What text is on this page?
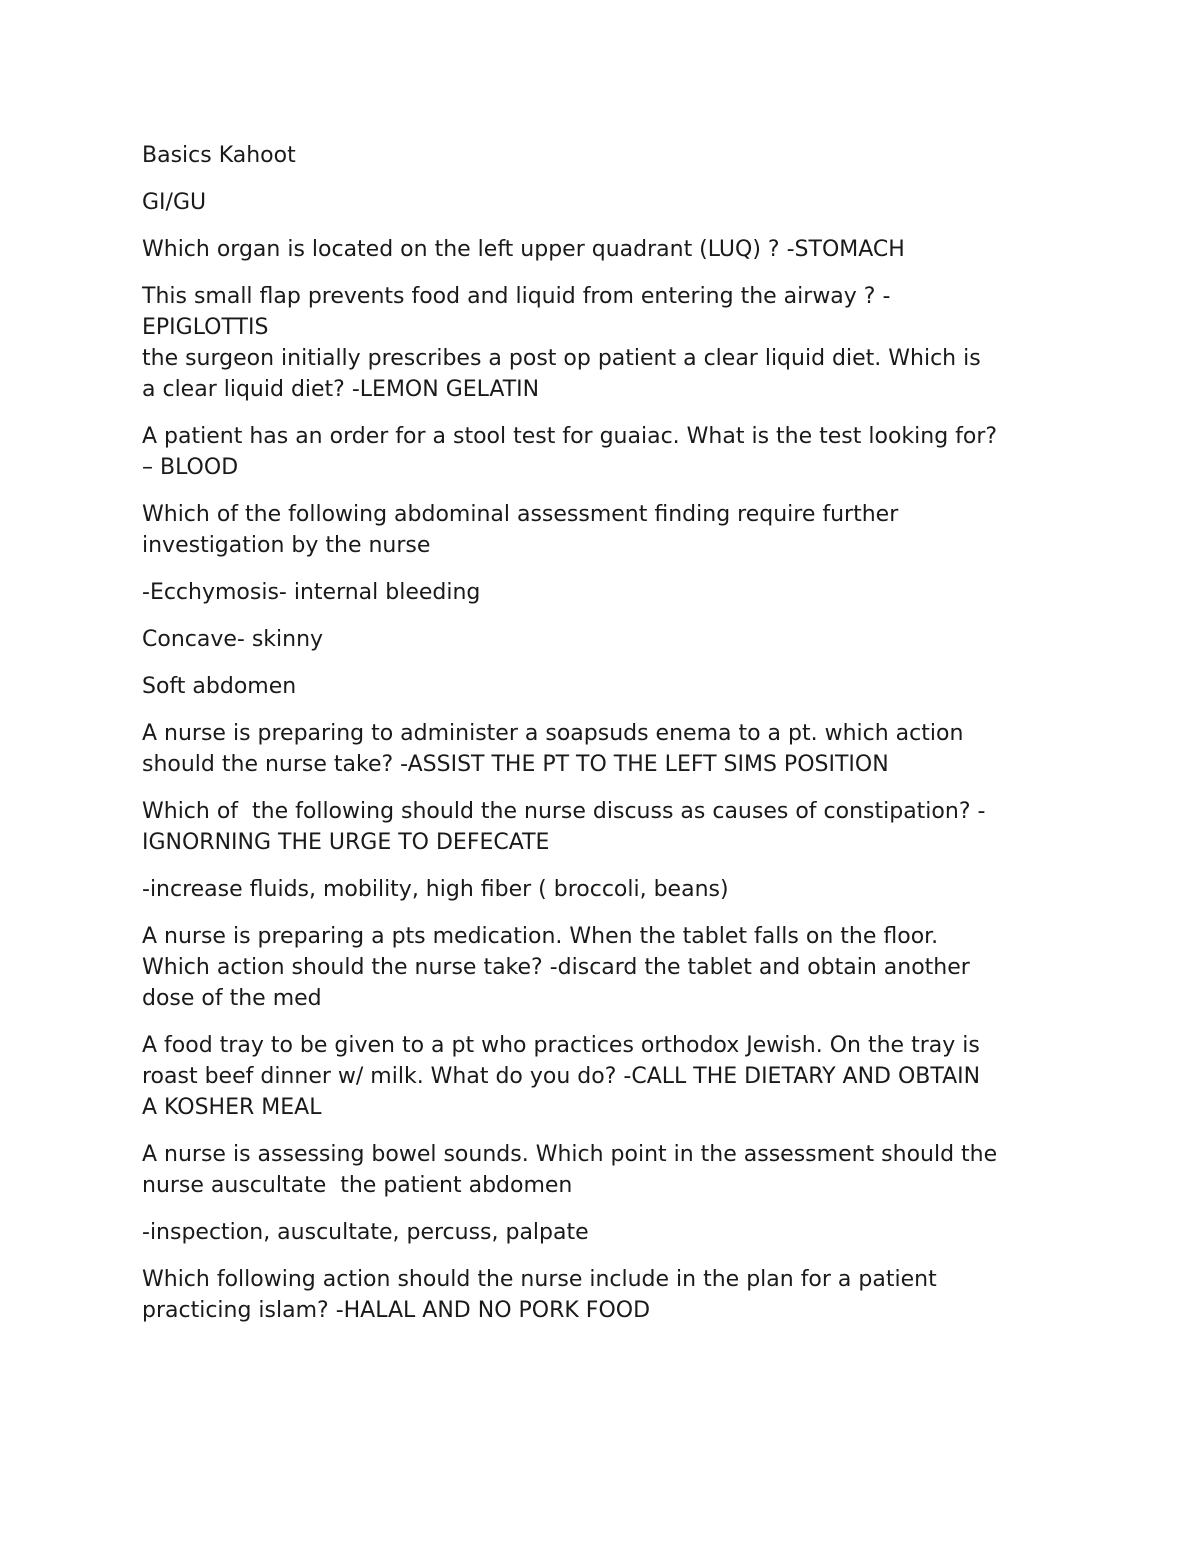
Basics Kahoot

GI/GU

Which organ is located on the left upper quadrant (LUQ) ? -STOMACH

This small flap prevents food and liquid from entering the airway ? -
EPIGLOTTIS

the surgeon initially prescribes a post op patient a clear liquid diet. Which is
a clear liquid diet? -LEMON GELATIN

A patient has an order for a stool test for guaiac. What is the test looking for?
– BLOOD

Which of the following abdominal assessment finding require further
investigation by the nurse

-Ecchymosis- internal bleeding

Concave- skinny

Soft abdomen

A nurse is preparing to administer a soapsuds enema to a pt. which action
should the nurse take? -ASSIST THE PT TO THE LEFT SIMS POSITION

Which of  the following should the nurse discuss as causes of constipation? -
IGNORNING THE URGE TO DEFECATE

-increase fluids, mobility, high fiber ( broccoli, beans)

A nurse is preparing a pts medication. When the tablet falls on the floor.
Which action should the nurse take? -discard the tablet and obtain another
dose of the med

A food tray to be given to a pt who practices orthodox Jewish. On the tray is
roast beef dinner w/ milk. What do you do? -CALL THE DIETARY AND OBTAIN
A KOSHER MEAL

A nurse is assessing bowel sounds. Which point in the assessment should the
nurse auscultate  the patient abdomen

-inspection, auscultate, percuss, palpate

Which following action should the nurse include in the plan for a patient
practicing islam? -HALAL AND NO PORK FOOD
